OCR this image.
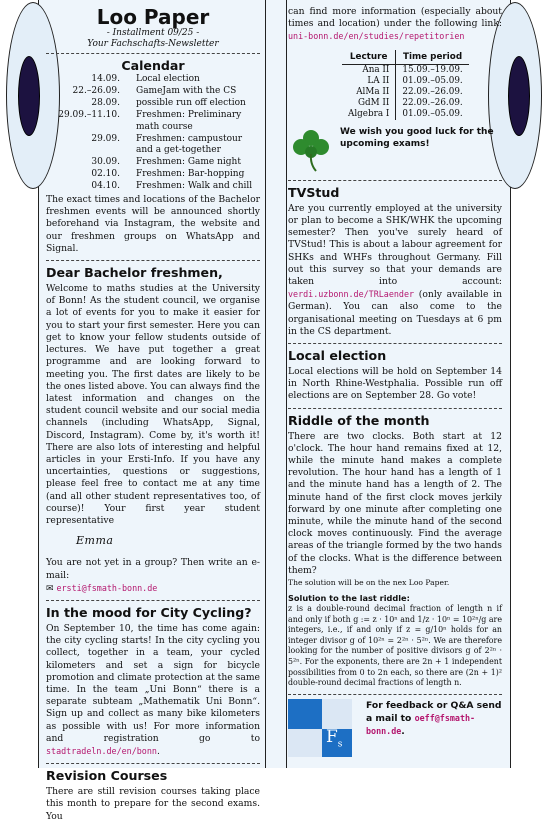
Loo Paper
- Installment 09/25 -
Your Fachschafts-Newsletter
Calendar
14.09.	Local election
22.–26.09.	GameJam with the CS
28.09.	possible run off election
29.09.–11.10.	Freshmen: Preliminary
math course
29.09.	Freshmen: campustour
and a get-together
30.09.	Freshmen: Game night
02.10.	Freshmen: Bar-hopping
04.10.	Freshmen: Walk and chill

The exact times and locations of the Bachelor freshmen events will be announced shortly beforehand via Instagram, the website and our freshmen groups on WhatsApp and Signal.

Dear Bachelor freshmen,

Welcome to maths studies at the University of Bonn! As the student council, we organise a lot of events for you to make it easier for you to start your first semester. Here you can get to know your fellow students outside of lectures. We have put together a great programme and are looking forward to meeting you. The first dates are likely to be the ones listed above. You can always find the latest information and changes on the student council website and our social media channels (including WhatsApp, Signal, Discord, Instagram). Come by, it's worth it! There are also lots of interesting and helpful articles in your Ersti-Info. If you have any uncertainties, questions or suggestions, please feel free to contact me at any time (and all other student representatives too, of course)! Your first year student representative

Emma

You are not yet in a group? Then write an e-mail:

✉ ersti@fsmath-bonn.de
In the mood for City Cycling?

On September 10, the time has come again: the city cycling starts! In the city cycling you collect, together in a team, your cycled kilometers and set a sign for bicycle promotion and climate protection at the same time. In the team „Uni Bonn“ there is a separate subteam „Mathematik Uni Bonn“. Sign up and collect as many bike kilometers as possible with us! For more information and registration go to stadtradeln.de/en/bonn.

Revision Courses

There are still revision courses taking place this month to prepare for the second exams. You

can find more information (especially about times and location) under the following link: uni-bonn.de/en/studies/repetitorien

Lecture	Time period
Ana II	15.09.–19.09.
LA II	01.09.–05.09.
AlMa II	22.09.–26.09.
GdM II	22.09.–26.09.
Algebra I	01.09.–05.09.
We wish you good luck for the upcoming exams!
TVStud

Are you currently employed at the university or plan to become a SHK/WHK the upcoming semester? Then you've surely heard of TVStud! This is about a labour agreement for SHKs and WHFs throughout Germany. Fill out this survey so that your demands are taken into account: verdi.uzbonn.de/TRLaender (only available in German). You can also come to the organisational meeting on Tuesdays at 6 pm in the CS department.

Local election

Local elections will be hold on September 14 in North Rhine-Westphalia. Possible run off elections are on September 28. Go vote!

Riddle of the month

There are two clocks. Both start at 12 o'clock. The hour hand remains fixed at 12, while the minute hand makes a complete revolution. The hour hand has a length of 1 and the minute hand has a length of 2. The minute hand of the first clock moves jerkily forward by one minute after completing one minute, while the minute hand of the second clock moves continuously. Find the average areas of the triangle formed by the two hands of the clocks. What is the difference between them?

The solution will be on the nex Loo Paper.
Solution to the last riddle:

z is a double-round decimal fraction of length n if and only if both g := z · 10ⁿ and 1/z · 10ⁿ = 10²ⁿ/g are integers, i.e., if and only if z = g/10ⁿ holds for an integer divisor g of 10²ⁿ = 2²ⁿ · 5²ⁿ. We are therefore looking for the number of positive divisors g of 2²ⁿ · 5²ⁿ. For the exponents, there are 2n + 1 independent possibilities from 0 to 2n each, so there are (2n + 1)² double-round decimal fractions of length n.

$F_s$
For feedback or Q&A send a mail to oeff@fsmath-bonn.de.
